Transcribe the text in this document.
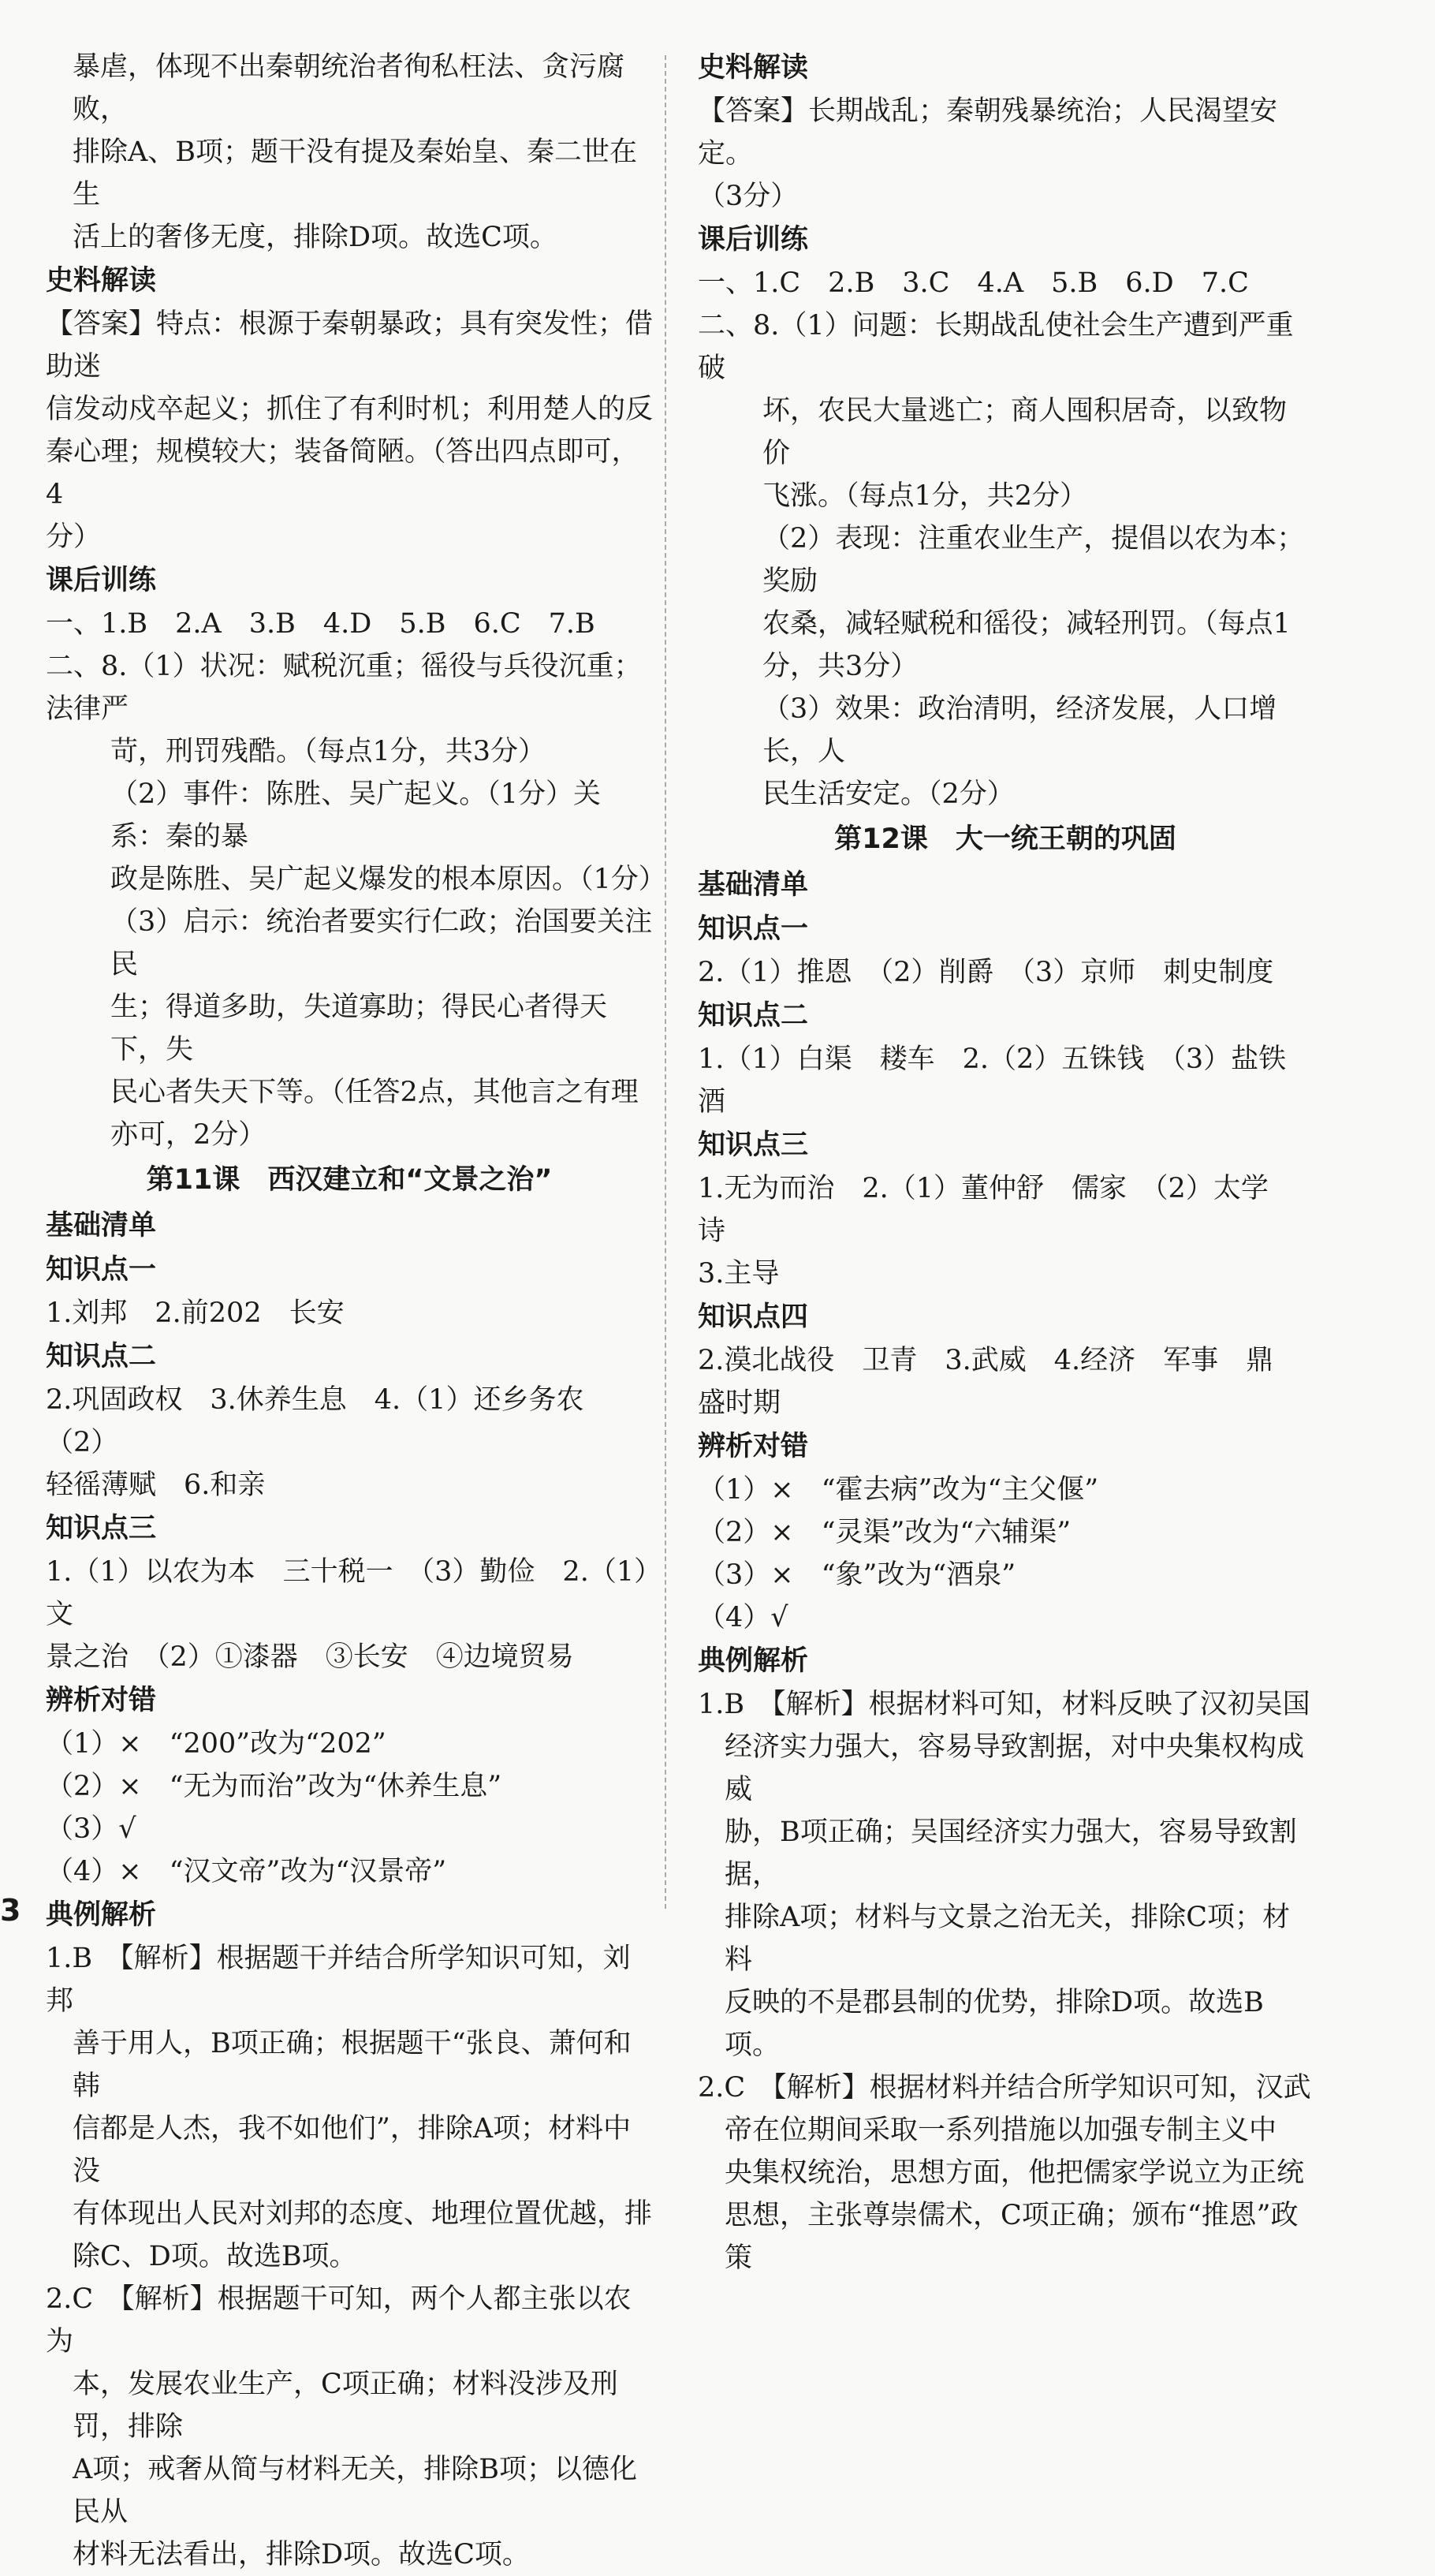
暴虐，体现不出秦朝统治者徇私枉法、贪污腐败，

排除A、B项；题干没有提及秦始皇、秦二世在生

活上的奢侈无度，排除D项。故选C项。

史料解读

【答案】特点：根源于秦朝暴政；具有突发性；借助迷

信发动戍卒起义；抓住了有利时机；利用楚人的反

秦心理；规模较大；装备简陋。（答出四点即可，4

分）

课后训练

一、1.B　2.A　3.B　4.D　5.B　6.C　7.B

二、8.（1）状况：赋税沉重；徭役与兵役沉重；法律严

苛，刑罚残酷。（每点1分，共3分）

（2）事件：陈胜、吴广起义。（1分）关系：秦的暴

政是陈胜、吴广起义爆发的根本原因。（1分）

（3）启示：统治者要实行仁政；治国要关注民

生；得道多助，失道寡助；得民心者得天下，失

民心者失天下等。（任答2点，其他言之有理

亦可，2分）

第11课　西汉建立和“文景之治”

基础清单

知识点一

1.刘邦　2.前202　长安

知识点二

2.巩固政权　3.休养生息　4.（1）还乡务农　（2）

轻徭薄赋　6.和亲

知识点三

1.（1）以农为本　三十税一　（3）勤俭　2.（1）文

景之治　（2）①漆器　③长安　④边境贸易

辨析对错

（1）×　“200”改为“202”

（2）×　“无为而治”改为“休养生息”

（3）√

（4）×　“汉文帝”改为“汉景帝”

典例解析

1.B　【解析】根据题干并结合所学知识可知，刘邦

善于用人，B项正确；根据题干“张良、萧何和韩

信都是人杰，我不如他们”，排除A项；材料中没

有体现出人民对刘邦的态度、地理位置优越，排

除C、D项。故选B项。

2.C　【解析】根据题干可知，两个人都主张以农为

本，发展农业生产，C项正确；材料没涉及刑罚，排除

A项；戒奢从简与材料无关，排除B项；以德化民从

材料无法看出，排除D项。故选C项。

史料解读

【答案】长期战乱；秦朝残暴统治；人民渴望安定。

（3分）

课后训练

一、1.C　2.B　3.C　4.A　5.B　6.D　7.C

二、8.（1）问题：长期战乱使社会生产遭到严重破

坏，农民大量逃亡；商人囤积居奇，以致物价

飞涨。（每点1分，共2分）

（2）表现：注重农业生产，提倡以农为本；奖励

农桑，减轻赋税和徭役；减轻刑罚。（每点1

分，共3分）

（3）效果：政治清明，经济发展，人口增长，人

民生活安定。（2分）

第12课　大一统王朝的巩固

基础清单

知识点一

2.（1）推恩　（2）削爵　（3）京师　刺史制度

知识点二

1.（1）白渠　耧车　2.（2）五铢钱　（3）盐铁　酒

知识点三

1.无为而治　2.（1）董仲舒　儒家　（2）太学　诗

3.主导

知识点四

2.漠北战役　卫青　3.武威　4.经济　军事　鼎

盛时期

辨析对错

（1）×　“霍去病”改为“主父偃”

（2）×　“灵渠”改为“六辅渠”

（3）×　“象”改为“酒泉”

（4）√

典例解析

1.B　【解析】根据材料可知，材料反映了汉初吴国

经济实力强大，容易导致割据，对中央集权构成威

胁，B项正确；吴国经济实力强大，容易导致割据，

排除A项；材料与文景之治无关，排除C项；材料

反映的不是郡县制的优势，排除D项。故选B项。

2.C　【解析】根据材料并结合所学知识可知，汉武

帝在位期间采取一系列措施以加强专制主义中

央集权统治，思想方面，他把儒家学说立为正统

思想，主张尊崇儒术，C项正确；颁布“推恩”政策

3
